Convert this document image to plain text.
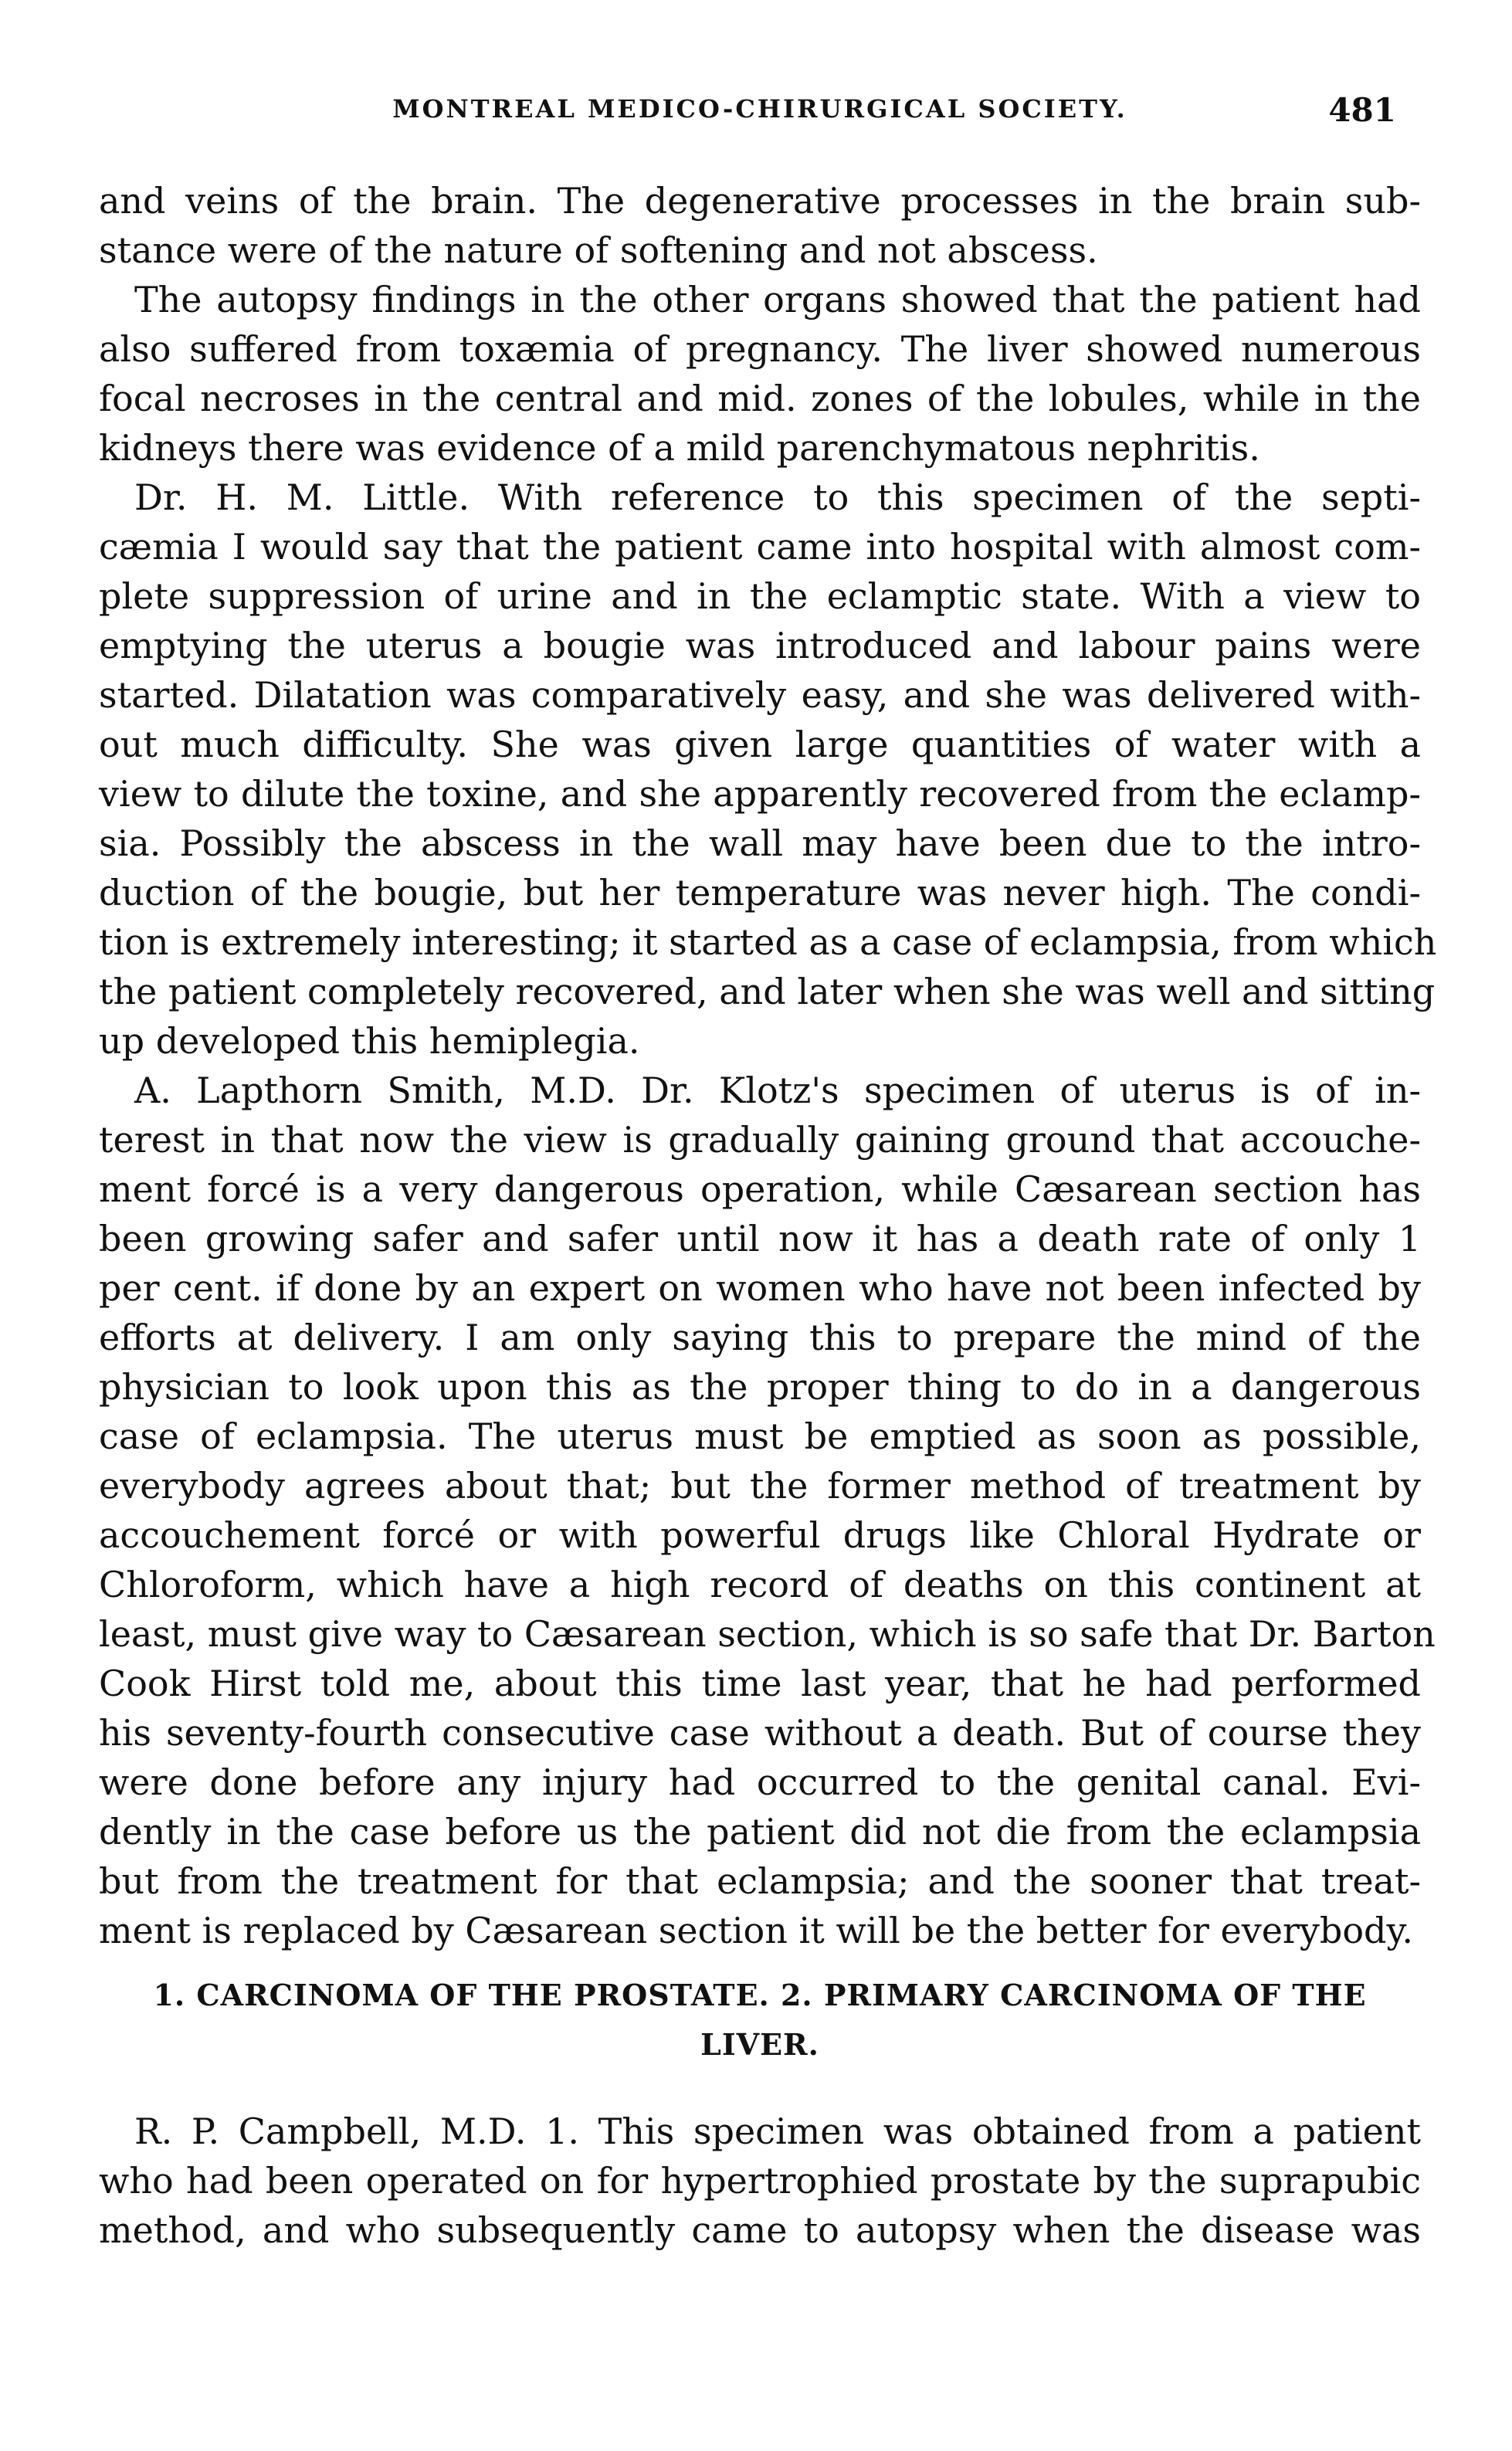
MONTREAL MEDICO-CHIRURGICAL SOCIETY.	481
and veins of the brain. The degenerative processes in the brain sub-
stance were of the nature of softening and not abscess.
The autopsy findings in the other organs showed that the patient had
also suffered from toxæmia of pregnancy. The liver showed numerous
focal necroses in the central and mid. zones of the lobules, while in the
kidneys there was evidence of a mild parenchymatous nephritis.
Dr. H. M. Little. With reference to this specimen of the septi-
cæmia I would say that the patient came into hospital with almost com-
plete suppression of urine and in the eclamptic state. With a view to
emptying the uterus a bougie was introduced and labour pains were
started. Dilatation was comparatively easy, and she was delivered with-
out much difficulty. She was given large quantities of water with a
view to dilute the toxine, and she apparently recovered from the eclamp-
sia. Possibly the abscess in the wall may have been due to the intro-
duction of the bougie, but her temperature was never high. The condi-
tion is extremely interesting; it started as a case of eclampsia, from which
the patient completely recovered, and later when she was well and sitting
up developed this hemiplegia.
A. Lapthorn Smith, M.D. Dr. Klotz's specimen of uterus is of in-
terest in that now the view is gradually gaining ground that accouche-
ment forcé is a very dangerous operation, while Cæsarean section has
been growing safer and safer until now it has a death rate of only 1
per cent. if done by an expert on women who have not been infected by
efforts at delivery. I am only saying this to prepare the mind of the
physician to look upon this as the proper thing to do in a dangerous
case of eclampsia. The uterus must be emptied as soon as possible,
everybody agrees about that; but the former method of treatment by
accouchement forcé or with powerful drugs like Chloral Hydrate or
Chloroform, which have a high record of deaths on this continent at
least, must give way to Cæsarean section, which is so safe that Dr. Barton
Cook Hirst told me, about this time last year, that he had performed
his seventy-fourth consecutive case without a death. But of course they
were done before any injury had occurred to the genital canal. Evi-
dently in the case before us the patient did not die from the eclampsia
but from the treatment for that eclampsia; and the sooner that treat-
ment is replaced by Cæsarean section it will be the better for everybody.
1. CARCINOMA OF THE PROSTATE. 2. PRIMARY CARCINOMA OF THE
LIVER.
R. P. Campbell, M.D. 1. This specimen was obtained from a patient
who had been operated on for hypertrophied prostate by the suprapubic
method, and who subsequently came to autopsy when the disease was
